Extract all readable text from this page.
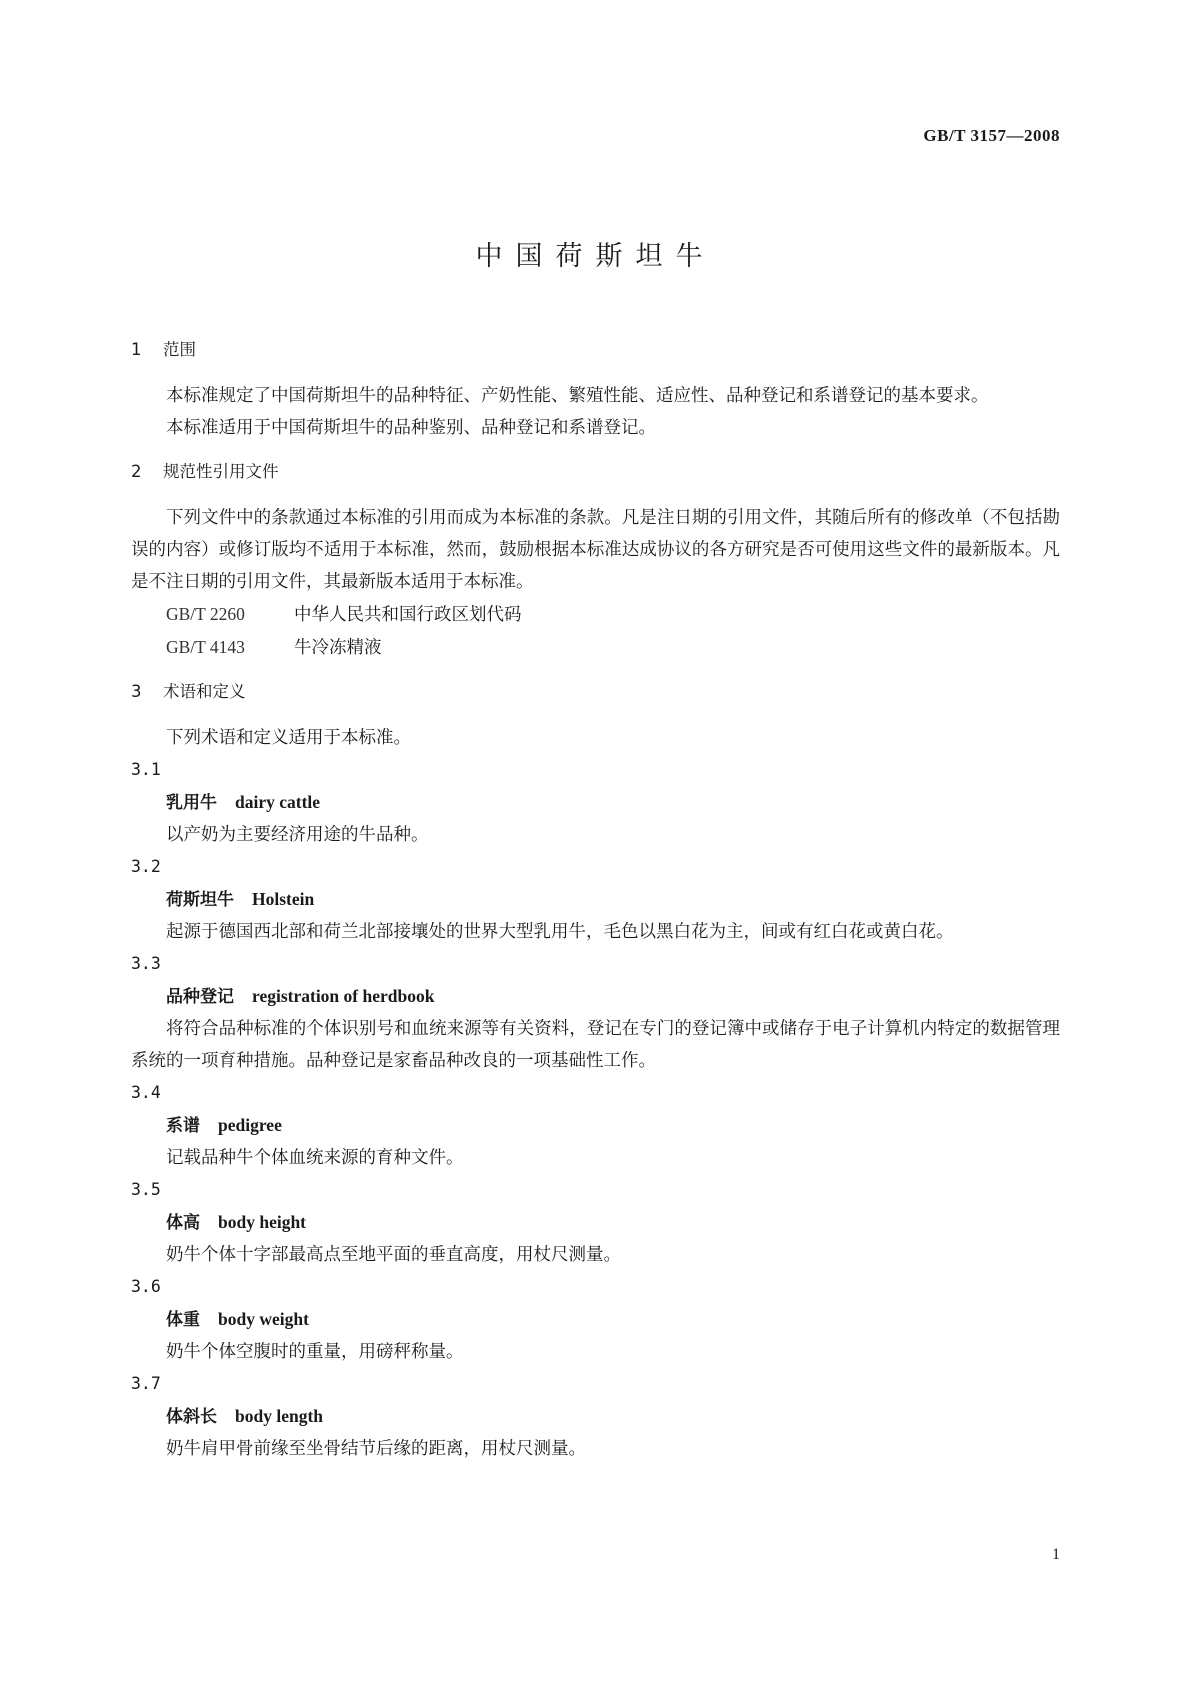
GB/T 3157—2008
中国荷斯坦牛
1 范围

本标准规定了中国荷斯坦牛的品种特征、产奶性能、繁殖性能、适应性、品种登记和系谱登记的基本要求。

本标准适用于中国荷斯坦牛的品种鉴别、品种登记和系谱登记。

2 规范性引用文件

下列文件中的条款通过本标准的引用而成为本标准的条款。凡是注日期的引用文件，其随后所有的修改单（不包括勘误的内容）或修订版均不适用于本标准，然而，鼓励根据本标准达成协议的各方研究是否可使用这些文件的最新版本。凡是不注日期的引用文件，其最新版本适用于本标准。

GB/T 2260	中华人民共和国行政区划代码

GB/T 4143	牛冷冻精液

3 术语和定义

下列术语和定义适用于本标准。

3.1

乳用牛 dairy cattle

以产奶为主要经济用途的牛品种。

3.2

荷斯坦牛 Holstein

起源于德国西北部和荷兰北部接壤处的世界大型乳用牛，毛色以黑白花为主，间或有红白花或黄白花。

3.3

品种登记 registration of herdbook

将符合品种标准的个体识别号和血统来源等有关资料，登记在专门的登记簿中或储存于电子计算机内特定的数据管理系统的一项育种措施。品种登记是家畜品种改良的一项基础性工作。

3.4

系谱 pedigree

记载品种牛个体血统来源的育种文件。

3.5

体高 body height

奶牛个体十字部最高点至地平面的垂直高度，用杖尺测量。

3.6

体重 body weight

奶牛个体空腹时的重量，用磅秤称量。

3.7

体斜长 body length

奶牛肩甲骨前缘至坐骨结节后缘的距离，用杖尺测量。

1
